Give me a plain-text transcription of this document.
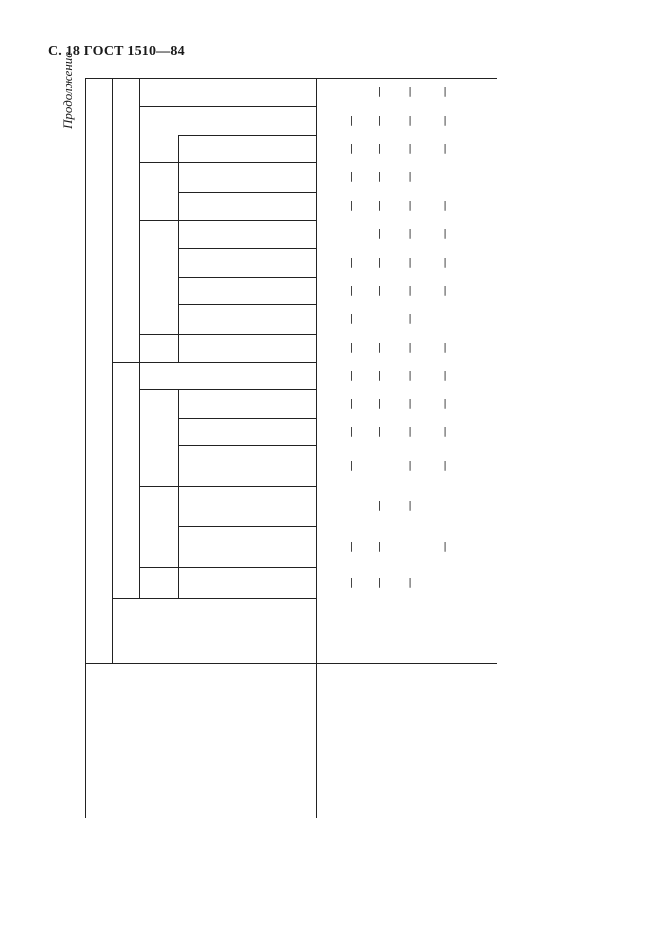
С. 18 ГОСТ 1510—84
Продолжение
|
|
|
|
|
|
|
|
|
|
|
|
|
|
|
|
|
|
|
|
|
|
|
|
|
|
|
|
|
|
|
|
|
|
|
|
|
|
|
|
|
|
|
|
|
|
|
|
|
|
|
|
|
|
|
|
|
|
